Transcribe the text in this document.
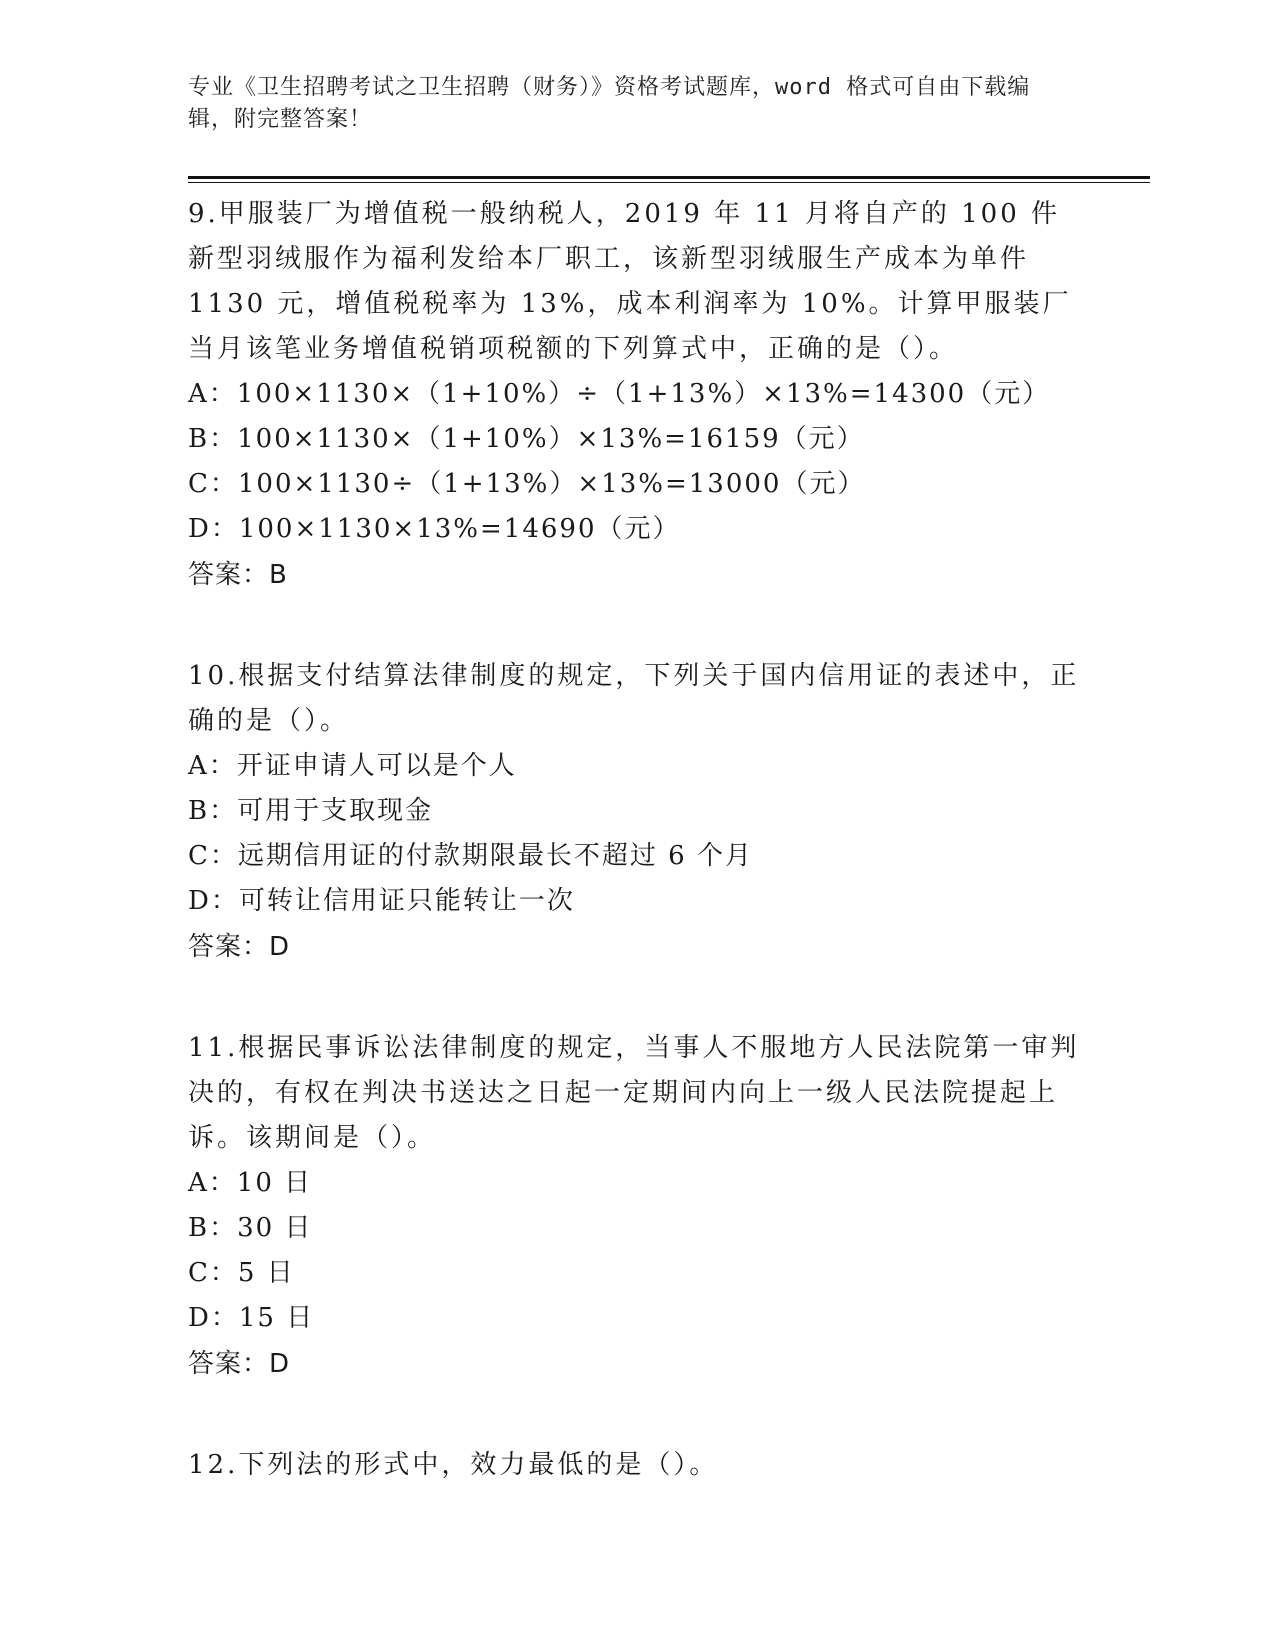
专业《卫生招聘考试之卫生招聘（财务）》资格考试题库，word 格式可自由下载编辑，附完整答案！

9.甲服装厂为增值税一般纳税人，2019 年 11 月将自产的 100 件新型羽绒服作为福利发给本厂职工，该新型羽绒服生产成本为单件 1130 元，增值税税率为 13%，成本利润率为 10%。计算甲服装厂当月该笔业务增值税销项税额的下列算式中，正确的是（）。

A：100×1130×（1+10%）÷（1+13%）×13%=14300（元）

B：100×1130×（1+10%）×13%=16159（元）

C：100×1130÷（1+13%）×13%=13000（元）

D：100×1130×13%=14690（元）

答案：B

10.根据支付结算法律制度的规定，下列关于国内信用证的表述中，正确的是（）。

A：开证申请人可以是个人

B：可用于支取现金

C：远期信用证的付款期限最长不超过 6 个月

D：可转让信用证只能转让一次

答案：D

11.根据民事诉讼法律制度的规定，当事人不服地方人民法院第一审判决的，有权在判决书送达之日起一定期间内向上一级人民法院提起上诉。该期间是（）。

A：10 日

B：30 日

C：5 日

D：15 日

答案：D

12.下列法的形式中，效力最低的是（）。
